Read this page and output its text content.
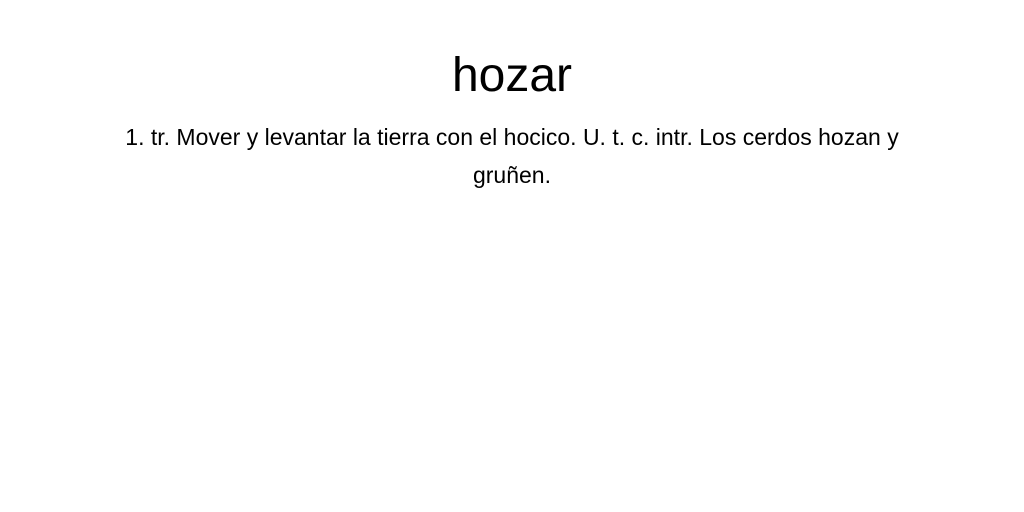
hozar

1. tr. Mover y levantar la tierra con el hocico. U. t. c. intr. Los cerdos hozan y gruñen.
